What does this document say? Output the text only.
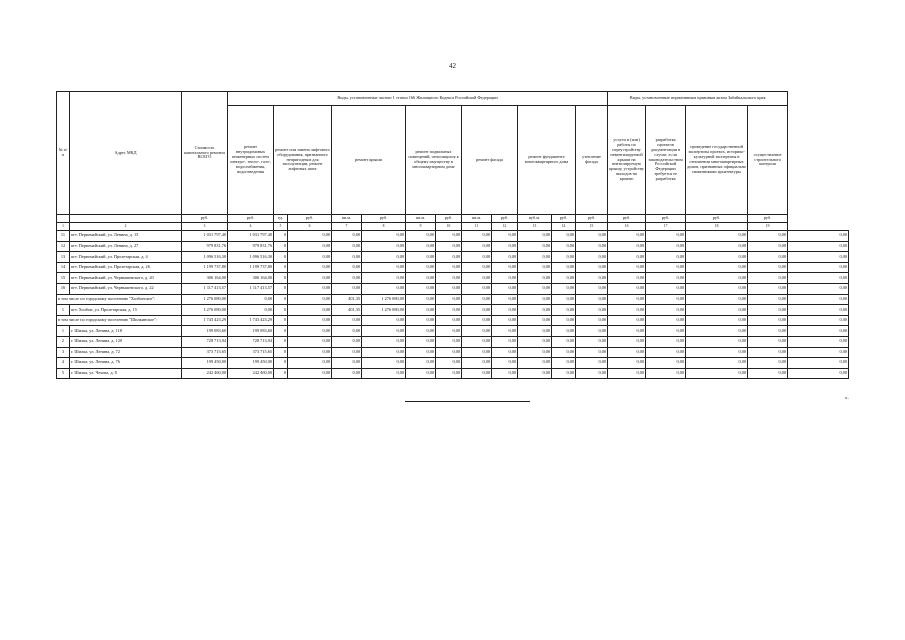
42
№ п/п	Адрес МКД	Стоимость капитального ремонта ВСЕГО	Виды, установленные частью 1 статьи 166 Жилищного Кодекса Российской Федерации												Виды, установленные нормативным правовым актом Забайкальского края				
			ремонт внутридомовых инженерных систем электро-, тепло-, газо-, водоснабжения, водоотведения	ремонт или замена лифтового оборудования, признанного непригодным для эксплуатации, ремонт лифтовых шахт		ремонт крыши		ремонт подвальных помещений, относящихся к общему имуществу в многоквартирном доме		ремонт фасада		ремонт фундамента многоквартирного дома		утепление фасада	услуги и (или) работы по переустройству невентилируемой крыши на вентилируемую крышу, устройству выходов на кровлю	разработка проектов документации в случае, если законодательством Российской Федерации требуется ее разработка	проведение государственной экспертизы проекта, историко-культурной экспертизы в отношении многоквартирных домов, признанных официально памятниками архитектуры	осуществление строительного контроля	
		руб.	руб.	ед.	руб.	кв.м.	руб.	кв.м.	руб.	кв.м.	руб.	куб.м.	руб.	руб.	руб.	руб.	руб.	руб.	
1	2	3	4	5	6	7	8	9	10	11	12	13	14	15	16	17	18	19	
11	пгт. Первомайский, ул. Ленина, д. 15	1 031 797,40	1 031 797,40	0	0,00	0,00	0,00	0,00	0,00	0,00	0,00	0,00	0,00	0,00	0,00	0,00	0,00	0,00	0,00
12	пгт. Первомайский, ул. Ленина, д. 27	979 831,76	979 831,76	0	0,00	0,00	0,00	0,00	0,00	0,00	0,00	0,00	0,00	0,00	0,00	0,00	0,00	0,00	0,00
13	пгт. Первомайский, ул. Пролетарская, д. 4	1 096 516,30	1 096 516,30	0	0,00	0,00	0,00	0,00	0,00	0,00	0,00	0,00	0,00	0,00	0,00	0,00	0,00	0,00	0,00
14	пгт. Первомайский, ул. Пролетарская, д. 26	1 199 737,80	1 199 737,80	0	0,00	0,00	0,00	0,00	0,00	0,00	0,00	0,00	0,00	0,00	0,00	0,00	0,00	0,00	0,00
15	пгт. Первомайский, ул. Чернышевского, д. 20	306 164,00	306 164,00	0	0,00	0,00	0,00	0,00	0,00	0,00	0,00	0,00	0,00	0,00	0,00	0,00	0,00	0,00	0,00
16	пгт. Первомайский, ул. Чернышевского, д. 22	1 117 413,57	1 117 413,57	0	0,00	0,00	0,00	0,00	0,00	0,00	0,00	0,00	0,00	0,00	0,00	0,00	0,00	0,00	0,00
в том числе по городскому поселению "Холбонское":		1 276 080,00	0,00	0	0,00	401,35	1 276 080,00	0,00	0,00	0,00	0,00	0,00	0,00	0,00	0,00	0,00	0,00	0,00	0,00
1	пгт. Холбон, ул. Пролетарская, д. 15	1 276 080,00	0,00	0	0,00	401,35	1 276 080,00	0,00	0,00	0,00	0,00	0,00	0,00	0,00	0,00	0,00	0,00	0,00	0,00
в том числе по городскому поселению "Шилкинское":		1 743 423,29	1 743 423,29	0	0,00	0,00	0,00	0,00	0,00	0,00	0,00	0,00	0,00	0,00	0,00	0,00	0,00	0,00	0,00
1	г. Шилка, ул. Ленина, д. 118	199 083,60	199 083,60	0	0,00	0,00	0,00	0,00	0,00	0,00	0,00	0,00	0,00	0,00	0,00	0,00	0,00	0,00	0,00
2	г. Шилка, ул. Ленина, д. 120	728 713,94	728 713,94	0	0,00	0,00	0,00	0,00	0,00	0,00	0,00	0,00	0,00	0,00	0,00	0,00	0,00	0,00	0,00
3	г. Шилка, ул. Ленина, д. 72	373 715,65	373 715,65	0	0,00	0,00	0,00	0,00	0,00	0,00	0,00	0,00	0,00	0,00	0,00	0,00	0,00	0,00	0,00
4	г. Шилка, ул. Ленина, д. 76	199 450,00	199 450,00	0	0,00	0,00	0,00	0,00	0,00	0,00	0,00	0,00	0,00	0,00	0,00	0,00	0,00	0,00	0,00
5	г. Шилка, ул. Чехова, д. 8	242 460,00	242 460,00	0	0,00	0,00	0,00	0,00	0,00	0,00	0,00	0,00	0,00	0,00	0,00	0,00	0,00	0,00	0,00
».
